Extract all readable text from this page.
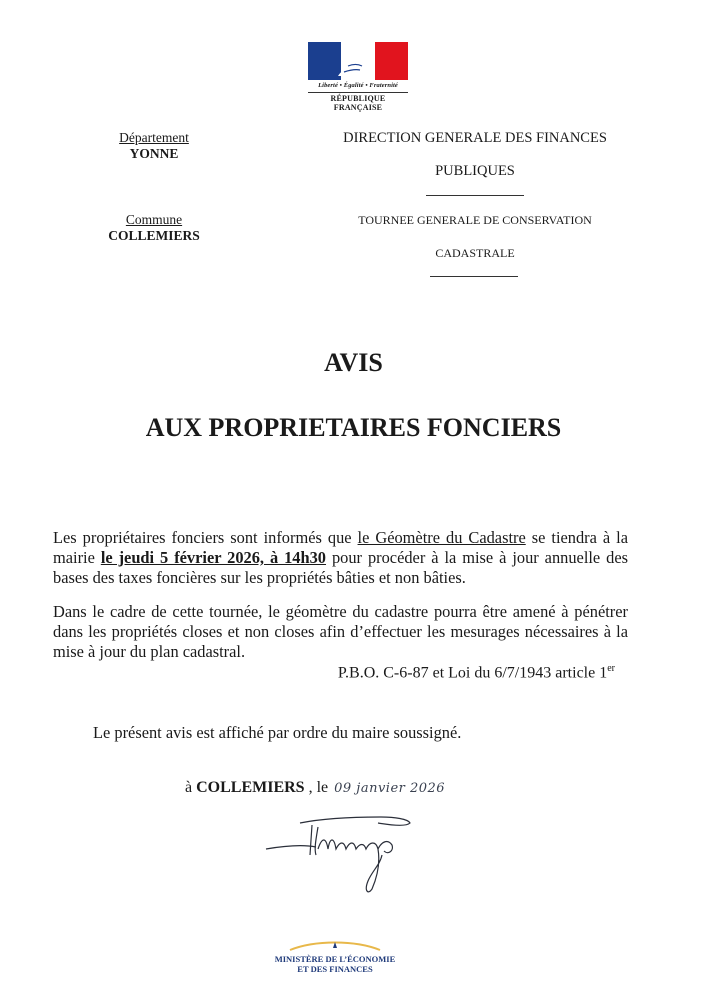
Liberté • Égalité • Fraternité
RÉPUBLIQUE FRANÇAISE
Département
YONNE
Commune
COLLEMIERS
DIRECTION GENERALE DES FINANCES
PUBLIQUES
TOURNEE GENERALE DE CONSERVATION
CADASTRALE
AVIS
AUX PROPRIETAIRES FONCIERS
Les propriétaires fonciers sont informés que le Géomètre du Cadastre se tiendra à la mairie le jeudi 5 février 2026, à 14h30 pour procéder à la mise à jour annuelle des bases des taxes foncières sur les propriétés bâties et non bâties.
Dans le cadre de cette tournée, le géomètre du cadastre pourra être amené à pénétrer dans les propriétés closes et non closes afin d’effectuer les mesurages nécessaires à la mise à jour du plan cadastral.
P.B.O. C-6-87 et Loi du 6/7/1943 article 1er
Le présent avis est affiché par ordre du maire soussigné.
à COLLEMIERS , le 09 janvier 2026
MINISTÈRE DE L’ÉCONOMIE
ET DES FINANCES
